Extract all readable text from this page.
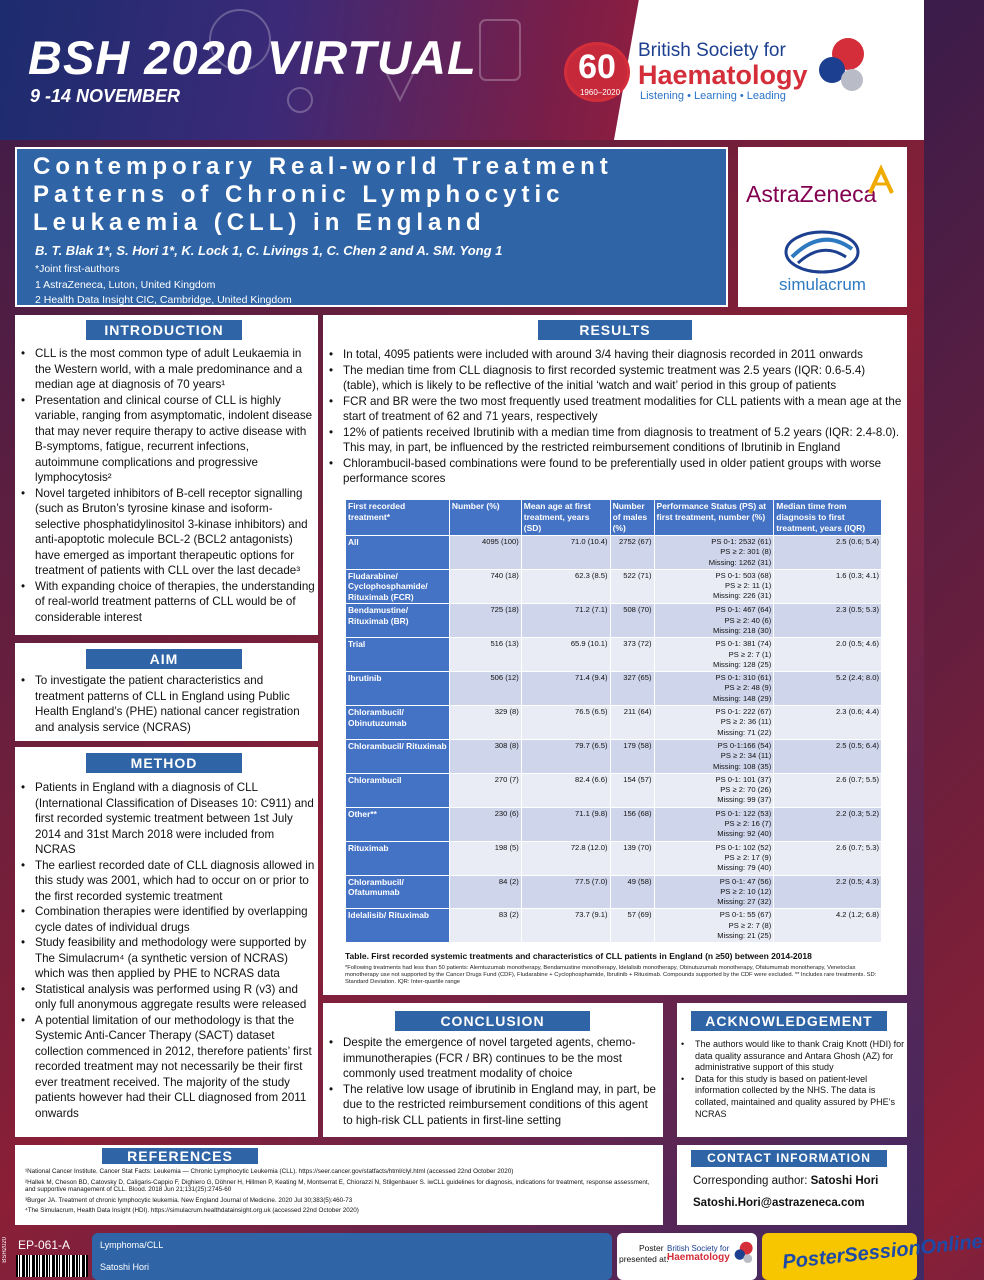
BSH 2020 VIRTUAL
9 -14 NOVEMBER
60
1960–2020
British Society for
Haematology
Listening • Learning • Leading
Contemporary Real-world Treatment
Patterns of Chronic Lymphocytic
Leukaemia (CLL) in England
B. T. Blak 1*, S. Hori 1*, K. Lock 1, C. Livings 1, C. Chen 2 and A. SM. Yong 1
*Joint first-authors
1 AstraZeneca, Luton, United Kingdom
2 Health Data Insight CIC, Cambridge, United Kingdom
AstraZeneca
simulacrum
INTRODUCTION
• CLL is the most common type of adult Leukaemia in the Western world, with a male predominance and a median age at diagnosis of 70 years¹
• Presentation and clinical course of CLL is highly variable, ranging from asymptomatic, indolent disease that may never require therapy to active disease with B-symptoms, fatigue, recurrent infections, autoimmune complications and progressive lymphocytosis²
• Novel targeted inhibitors of B-cell receptor signalling (such as Bruton’s tyrosine kinase and isoform-selective phosphatidylinositol 3-kinase inhibitors) and anti-apoptotic molecule BCL-2 (BCL2 antagonists) have emerged as important therapeutic options for treatment of patients with CLL over the last decade³
• With expanding choice of therapies, the understanding of real-world treatment patterns of CLL would be of considerable interest
AIM
• To investigate the patient characteristics and treatment patterns of CLL in England using Public Health England’s (PHE) national cancer registration and analysis service (NCRAS)
METHOD
• Patients in England with a diagnosis of CLL (International Classification of Diseases 10: C911) and first recorded systemic treatment between 1st July 2014 and 31st March 2018 were included from NCRAS
• The earliest recorded date of CLL diagnosis allowed in this study was 2001, which had to occur on or prior to the first recorded systemic treatment
• Combination therapies were identified by overlapping cycle dates of individual drugs
• Study feasibility and methodology were supported by The Simulacrum⁴ (a synthetic version of NCRAS) which was then applied by PHE to NCRAS data
• Statistical analysis was performed using R (v3) and only full anonymous aggregate results were released
• A potential limitation of our methodology is that the Systemic Anti-Cancer Therapy (SACT) dataset collection commenced in 2012, therefore patients’ first recorded treatment may not necessarily be their first ever treatment received. The majority of the study patients however had their CLL diagnosed from 2011 onwards
RESULTS
• In total, 4095 patients were included with around 3/4 having their diagnosis recorded in 2011 onwards
• The median time from CLL diagnosis to first recorded systemic treatment was 2.5 years (IQR: 0.6-5.4) (table), which is likely to be reflective of the initial ‘watch and wait’ period in this group of patients
• FCR and BR were the two most frequently used treatment modalities for CLL patients with a mean age at the start of treatment of 62 and 71 years, respectively
• 12% of patients received Ibrutinib with a median time from diagnosis to treatment of 5.2 years (IQR: 2.4-8.0). This may, in part, be influenced by the restricted reimbursement conditions of Ibrutinib in England
• Chlorambucil-based combinations were found to be preferentially used in older patient groups with worse performance scores
First recorded treatment*	Number (%)	Mean age at first treatment, years (SD)	Number of males (%)	Performance Status (PS) at first treatment, number (%)	Median time from diagnosis to first treatment, years (IQR)
All	4095 (100)	71.0 (10.4)	2752 (67)	PS 0-1: 2532 (61)
PS ≥ 2: 301 (8)
Missing: 1262 (31)	2.5 (0.6; 5.4)
Fludarabine/ Cyclophosphamide/ Rituximab (FCR)	740 (18)	62.3 (8.5)	522 (71)	PS 0-1: 503 (68)
PS ≥ 2: 11 (1)
Missing: 226 (31)	1.6 (0.3; 4.1)
Bendamustine/ Rituximab (BR)	725 (18)	71.2 (7.1)	508 (70)	PS 0-1: 467 (64)
PS ≥ 2: 40 (6)
Missing: 218 (30)	2.3 (0.5; 5.3)
Trial	516 (13)	65.9 (10.1)	373 (72)	PS 0-1: 381 (74)
PS ≥ 2: 7 (1)
Missing: 128 (25)	2.0 (0.5; 4.6)
Ibrutinib	506 (12)	71.4 (9.4)	327 (65)	PS 0-1: 310 (61)
PS ≥ 2: 48 (9)
Missing: 148 (29)	5.2 (2.4; 8.0)
Chlorambucil/ Obinutuzumab	329 (8)	76.5 (6.5)	211 (64)	PS 0-1: 222 (67)
PS ≥ 2: 36 (11)
Missing: 71 (22)	2.3 (0.6; 4.4)
Chlorambucil/ Rituximab	308 (8)	79.7 (6.5)	179 (58)	PS 0-1:166 (54)
PS ≥ 2: 34 (11)
Missing: 108 (35)	2.5 (0.5; 6.4)
Chlorambucil	270 (7)	82.4 (6.6)	154 (57)	PS 0-1: 101 (37)
PS ≥ 2: 70 (26)
Missing: 99 (37)	2.6 (0.7; 5.5)
Other**	230 (6)	71.1 (9.8)	156 (68)	PS 0-1: 122 (53)
PS ≥ 2: 16 (7)
Missing: 92 (40)	2.2 (0.3; 5.2)
Rituximab	198 (5)	72.8 (12.0)	139 (70)	PS 0-1: 102 (52)
PS ≥ 2: 17 (9)
Missing: 79 (40)	2.6 (0.7; 5.3)
Chlorambucil/ Ofatumumab	84 (2)	77.5 (7.0)	49 (58)	PS 0-1: 47 (56)
PS ≥ 2: 10 (12)
Missing: 27 (32)	2.2 (0.5; 4.3)
Idelalisib/ Rituximab	83 (2)	73.7 (9.1)	57 (69)	PS 0-1: 55 (67)
PS ≥ 2: 7 (8)
Missing: 21 (25)	4.2 (1.2; 6.8)
Table. First recorded systemic treatments and characteristics of CLL patients in England (n ≥50) between 2014-2018
*Following treatments had less than 50 patients: Alemtuzumab monotherapy, Bendamustine monotherapy, Idelalisib monotherapy, Obinutuzumab monotherapy, Ofatumumab monotherapy, Venetoclax monotherapy use not supported by the Cancer Drugs Fund (CDF), Fludarabine + Cyclophosphamide, Ibrutinib + Rituximab. Compounds supported by the CDF were excluded. ** Includes rare treatments. SD: Standard Deviation. IQR: Inter-quartile range
CONCLUSION
• Despite the emergence of novel targeted agents, chemo-immunotherapies (FCR / BR) continues to be the most commonly used treatment modality of choice
• The relative low usage of ibrutinib in England may, in part, be due to the restricted reimbursement conditions of this agent to high-risk CLL patients in first-line setting
ACKNOWLEDGEMENT
• The authors would like to thank Craig Knott (HDI) for data quality assurance and Antara Ghosh (AZ) for administrative support of this study
• Data for this study is based on patient-level information collected by the NHS. The data is collated, maintained and quality assured by PHE’s NCRAS
REFERENCES
¹National Cancer Institute. Cancer Stat Facts: Leukemia — Chronic Lymphocytic Leukemia (CLL). https://seer.cancer.gov/statfacts/html/clyl.html (accessed 22nd October 2020)
²Hallek M, Cheson BD, Catovsky D, Caligaris-Cappio F, Dighiero G, Döhner H, Hillmen P, Keating M, Montserrat E, Chiorazzi N, Stilgenbauer S. iwCLL guidelines for diagnosis, indications for treatment, response assessment, and supportive management of CLL. Blood. 2018 Jun 21;131(25):2745-60
³Burger JA. Treatment of chronic lymphocytic leukemia. New England Journal of Medicine. 2020 Jul 30;383(5):460-73
⁴The Simulacrum, Health Data Insight (HDI). https://simulacrum.healthdatainsight.org.uk (accessed 22nd October 2020)
CONTACT INFORMATION
Corresponding author: Satoshi Hori
Satoshi.Hori@astrazeneca.com
BSH2020 EP-061-A	Lymphoma/CLL
Satoshi Hori
Poster
presented at:
British Society for
Haematology	PosterSessionOnline
